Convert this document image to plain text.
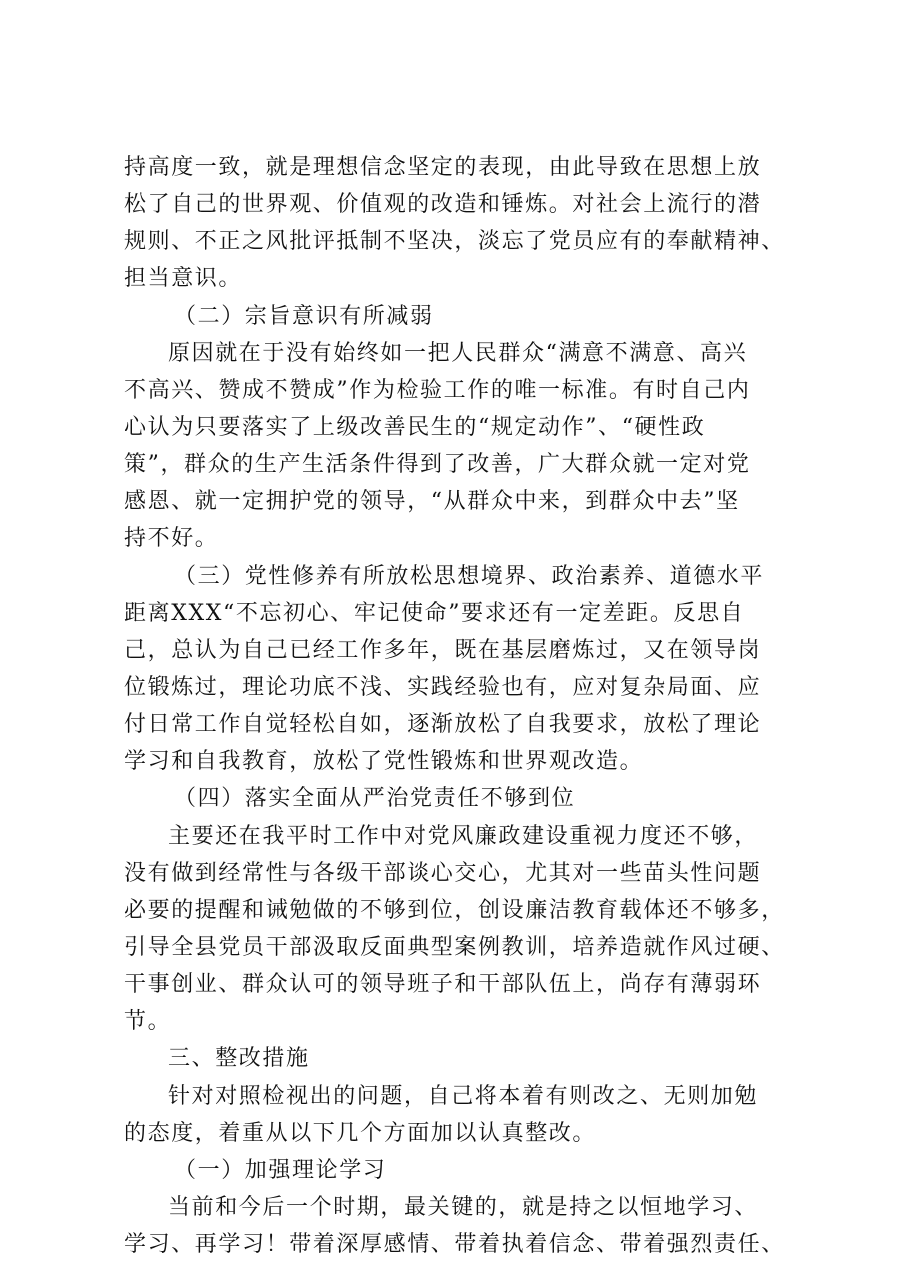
持高度一致，就是理想信念坚定的表现，由此导致在思想上放
松了自己的世界观、价值观的改造和锤炼。对社会上流行的潜
规则、不正之风批评抵制不坚决，淡忘了党员应有的奉献精神、
担当意识。
（二）宗旨意识有所减弱
原因就在于没有始终如一把人民群众“满意不满意、高兴
不高兴、赞成不赞成”作为检验工作的唯一标准。有时自己内
心认为只要落实了上级改善民生的“规定动作”、“硬性政
策”，群众的生产生活条件得到了改善，广大群众就一定对党
感恩、就一定拥护党的领导，“从群众中来，到群众中去”坚
持不好。
（三）党性修养有所放松思想境界、政治素养、道德水平
距离XXX“不忘初心、牢记使命”要求还有一定差距。反思自
己，总认为自己已经工作多年，既在基层磨炼过，又在领导岗
位锻炼过，理论功底不浅、实践经验也有，应对复杂局面、应
付日常工作自觉轻松自如，逐渐放松了自我要求，放松了理论
学习和自我教育，放松了党性锻炼和世界观改造。
（四）落实全面从严治党责任不够到位
主要还在我平时工作中对党风廉政建设重视力度还不够，
没有做到经常性与各级干部谈心交心，尤其对一些苗头性问题
必要的提醒和诫勉做的不够到位，创设廉洁教育载体还不够多，
引导全县党员干部汲取反面典型案例教训，培养造就作风过硬、
干事创业、群众认可的领导班子和干部队伍上，尚存有薄弱环
节。
三、整改措施
针对对照检视出的问题，自己将本着有则改之、无则加勉
的态度，着重从以下几个方面加以认真整改。
（一）加强理论学习
当前和今后一个时期，最关键的，就是持之以恒地学习、
学习、再学习！带着深厚感情、带着执着信念、带着强烈责任、
